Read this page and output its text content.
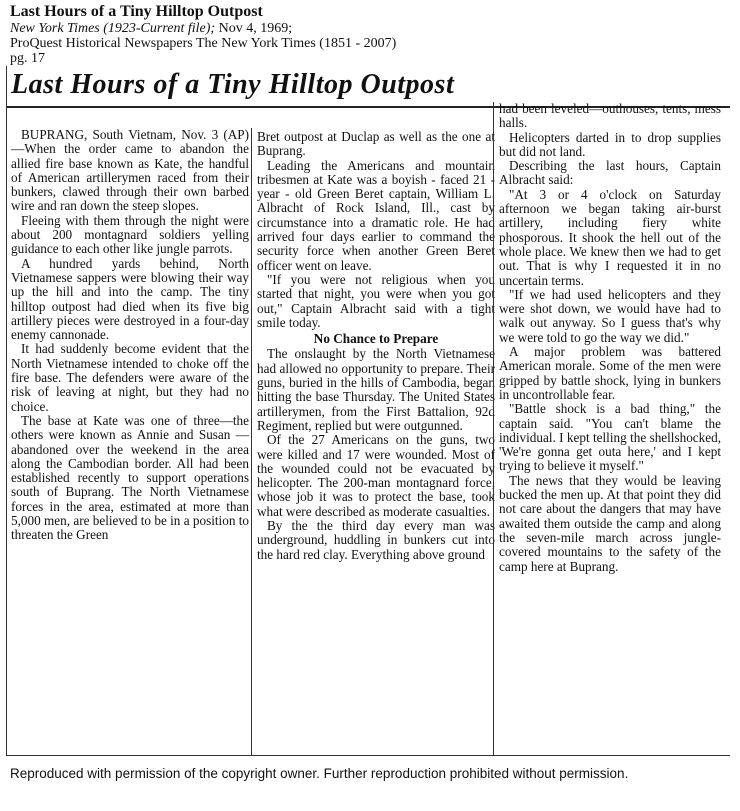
Last Hours of a Tiny Hilltop Outpost
New York Times (1923-Current file); Nov 4, 1969;
ProQuest Historical Newspapers The New York Times (1851 - 2007)
pg. 17
Last Hours of a Tiny Hilltop Outpost

BUPRANG, South Vietnam, Nov. 3 (AP)—When the order came to abandon the allied fire base known as Kate, the handful of American artillerymen raced from their bunkers, clawed through their own barbed wire and ran down the steep slopes.

Fleeing with them through the night were about 200 montagnard soldiers yelling guidance to each other like jungle parrots.

A hundred yards behind, North Vietnamese sappers were blowing their way up the hill and into the camp. The tiny hilltop outpost had died when its five big artillery pieces were destroyed in a four-day enemy cannonade.

It had suddenly become evident that the North Vietnamese intended to choke off the fire base. The defenders were aware of the risk of leaving at night, but they had no choice.

The base at Kate was one of three—the others were known as Annie and Susan — abandoned over the weekend in the area along the Cambodian border. All had been established recently to support operations south of Buprang. The North Vietnamese forces in the area, estimated at more than 5,000 men, are believed to be in a position to threaten the Green

Bret outpost at Duclap as well as the one at Buprang.

Leading the Americans and mountain tribesmen at Kate was a boyish - faced 21 - year - old Green Beret captain, William L. Albracht of Rock Island, Ill., cast by circumstance into a dramatic role. He had arrived four days earlier to command the security force when another Green Beret officer went on leave.

"If you were not religious when you started that night, you were when you got out," Captain Albracht said with a tight smile today.

No Chance to Prepare

The onslaught by the North Vietnamese had allowed no opportunity to prepare. Their guns, buried in the hills of Cambodia, began hitting the base Thursday. The United States artillerymen, from the First Battalion, 92d Regiment, replied but were outgunned.

Of the 27 Americans on the guns, two were killed and 17 were wounded. Most of the wounded could not be evacuated by helicopter. The 200-man montagnard force, whose job it was to protect the base, took what were described as moderate casualties.

By the the third day every man was underground, huddling in bunkers cut into the hard red clay. Everything above ground

had been leveled—outhouses, tents, mess halls.

Helicopters darted in to drop supplies but did not land.

Describing the last hours, Captain Albracht said:

"At 3 or 4 o'clock on Saturday afternoon we began taking air-burst artillery, including fiery white phosporous. It shook the hell out of the whole place. We knew then we had to get out. That is why I requested it in no uncertain terms.

"If we had used helicopters and they were shot down, we would have had to walk out anyway. So I guess that's why we were told to go the way we did."

A major problem was battered American morale. Some of the men were gripped by battle shock, lying in bunkers in uncontrollable fear.

"Battle shock is a bad thing," the captain said. "You can't blame the individual. I kept telling the shellshocked, 'We're gonna get outa here,' and I kept trying to believe it myself."

The news that they would be leaving bucked the men up. At that point they did not care about the dangers that may have awaited them outside the camp and along the seven-mile march across jungle-covered mountains to the safety of the camp here at Buprang.

Reproduced with permission of the copyright owner. Further reproduction prohibited without permission.
